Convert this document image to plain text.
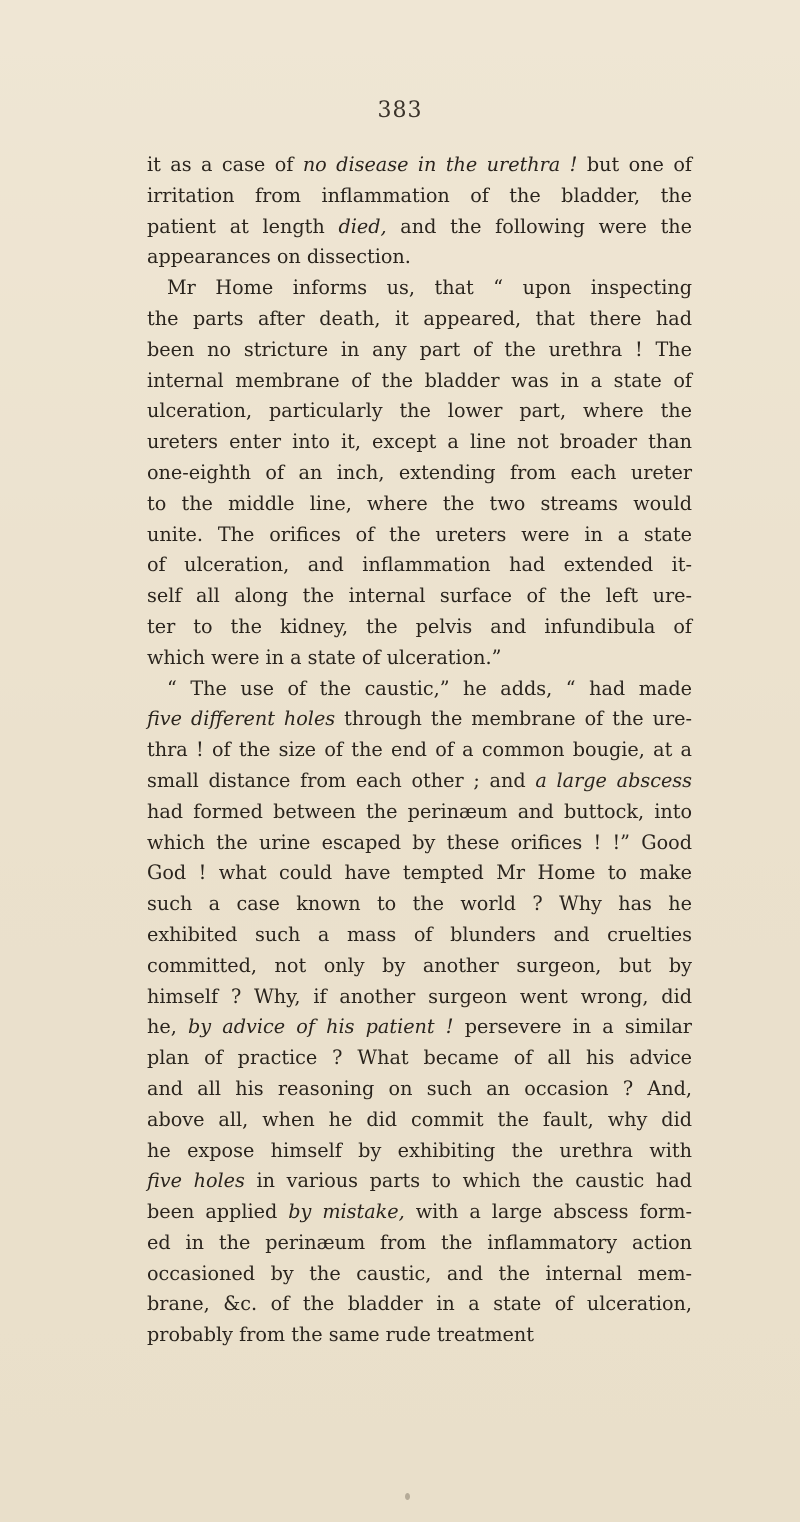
383
it as a case of no disease in the urethra ! but one of
irritation from inflammation of the bladder, the
patient at length died, and the following were the
appearances on dissection.
Mr Home informs us, that “ upon inspecting
the parts after death, it appeared, that there had
been no stricture in any part of the urethra ! The
internal membrane of the bladder was in a state of
ulceration, particularly the lower part, where the
ureters enter into it, except a line not broader than
one-eighth of an inch, extending from each ureter
to the middle line, where the two streams would
unite. The orifices of the ureters were in a state
of ulceration, and inflammation had extended it-
self all along the internal surface of the left ure-
ter to the kidney, the pelvis and infundibula of
which were in a state of ulceration.”
“ The use of the caustic,” he adds, “ had made
five different holes through the membrane of the ure-
thra ! of the size of the end of a common bougie, at a
small distance from each other ; and a large abscess
had formed between the perinæum and buttock, into
which the urine escaped by these orifices ! !” Good
God ! what could have tempted Mr Home to make
such a case known to the world ? Why has he
exhibited such a mass of blunders and cruelties
committed, not only by another surgeon, but by
himself ? Why, if another surgeon went wrong, did
he, by advice of his patient ! persevere in a similar
plan of practice ? What became of all his advice
and all his reasoning on such an occasion ? And,
above all, when he did commit the fault, why did
he expose himself by exhibiting the urethra with
five holes in various parts to which the caustic had
been applied by mistake, with a large abscess form-
ed in the perinæum from the inflammatory action
occasioned by the caustic, and the internal mem-
brane, &c. of the bladder in a state of ulceration,
probably from the same rude treatment
